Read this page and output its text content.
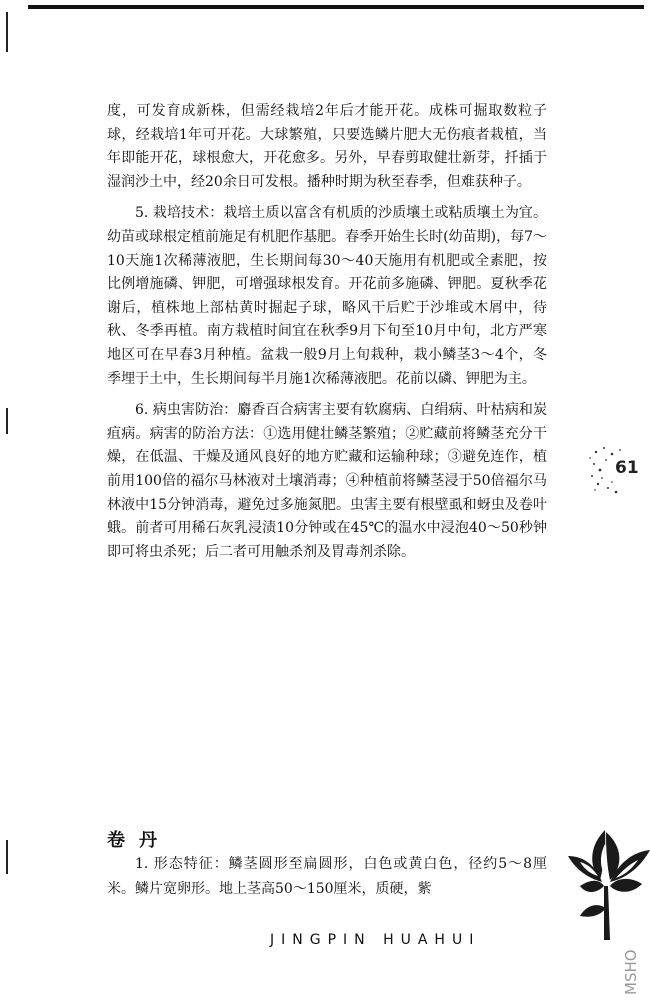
度，可发育成新株，但需经栽培2年后才能开花。成株可掘取数粒子球，经栽培1年可开花。大球繁殖，只要选鳞片肥大无伤痕者栽植，当年即能开花，球根愈大，开花愈多。另外，早春剪取健壮新芽，扦插于湿润沙土中，经20余日可发根。播种时期为秋至春季，但难获种子。

5. 栽培技术：栽培土质以富含有机质的沙质壤土或粘质壤土为宜。幼苗或球根定植前施足有机肥作基肥。春季开始生长时(幼苗期)，每7～10天施1次稀薄液肥，生长期间每30～40天施用有机肥或全素肥，按比例增施磷、钾肥，可增强球根发育。开花前多施磷、钾肥。夏秋季花谢后，植株地上部枯黄时掘起子球，略风干后贮于沙堆或木屑中，待秋、冬季再植。南方栽植时间宜在秋季9月下旬至10月中旬，北方严寒地区可在早春3月种植。盆栽一般9月上旬栽种，栽小鳞茎3～4个，冬季埋于土中，生长期间每半月施1次稀薄液肥。花前以磷、钾肥为主。

6. 病虫害防治：麝香百合病害主要有软腐病、白绢病、叶枯病和炭疽病。病害的防治方法：①选用健壮鳞茎繁殖；②贮藏前将鳞茎充分干燥，在低温、干燥及通风良好的地方贮藏和运输种球；③避免连作，植前用100倍的福尔马林液对土壤消毒；④种植前将鳞茎浸于50倍福尔马林液中15分钟消毒，避免过多施氮肥。虫害主要有根壁虱和蚜虫及卷叶蛾。前者可用稀石灰乳浸渍10分钟或在45℃的温水中浸泡40～50秒钟即可将虫杀死；后二者可用触杀剂及胃毒剂杀除。

61
卷丹

1. 形态特征：鳞茎圆形至扁圆形，白色或黄白色，径约5～8厘米。鳞片宽卵形。地上茎高50～150厘米，质硬，紫

JINGPIN HUAHUI
MSHO
